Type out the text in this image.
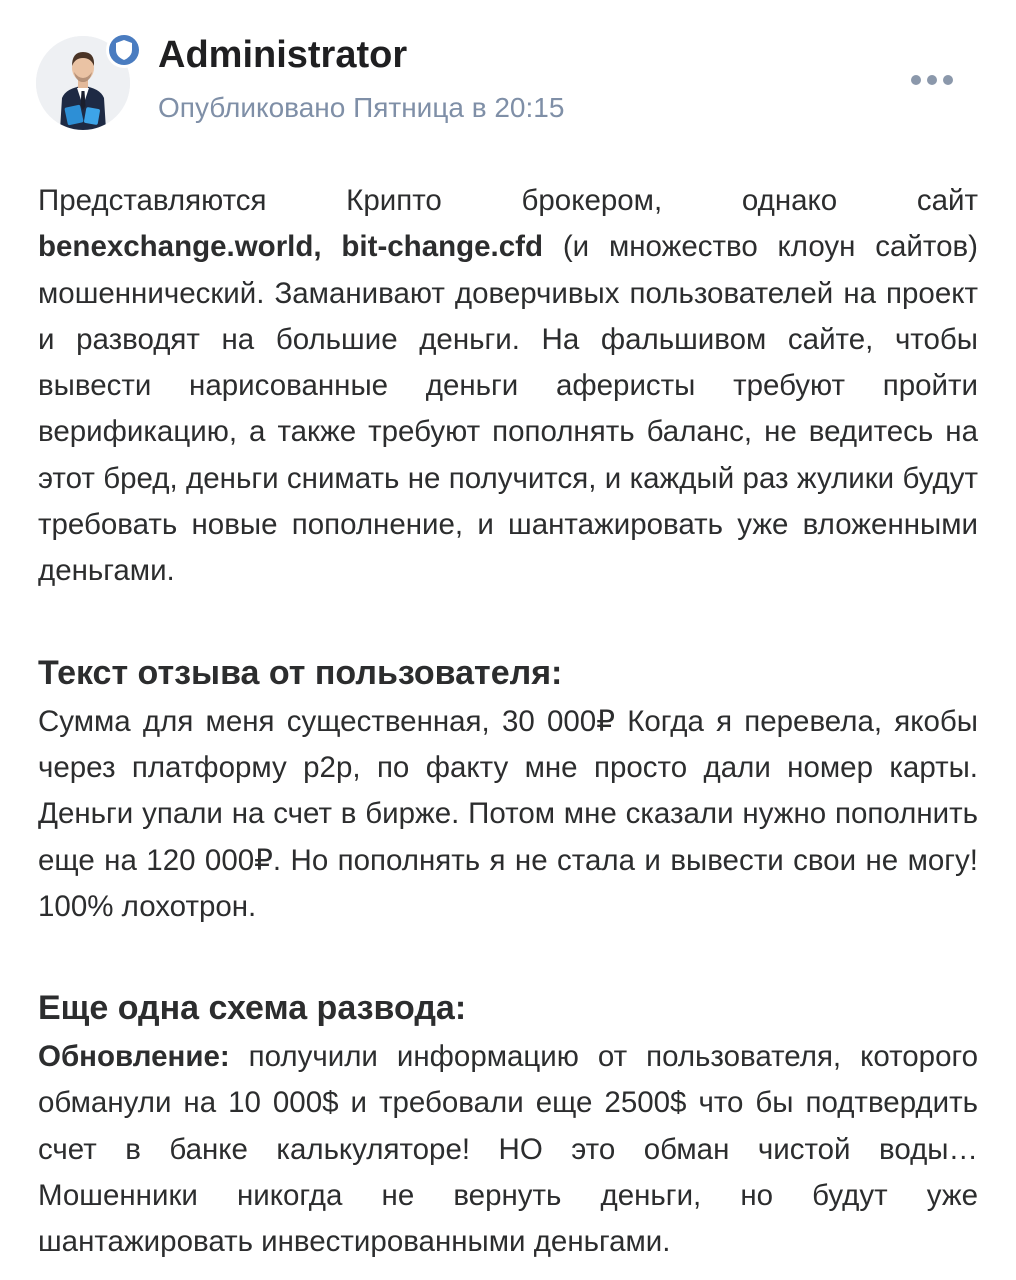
Administrator
Опубликовано Пятница в 20:15

Представляются Крипто брокером, однако сайт benexchange.world, bit-change.cfd (и множество клоун сайтов) мошеннический. Заманивают доверчивых пользователей на проект и разводят на большие деньги. На фальшивом сайте, чтобы вывести нарисованные деньги аферисты требуют пройти верификацию, а также требуют пополнять баланс, не ведитесь на этот бред, деньги снимать не получится, и каждый раз жулики будут требовать новые пополнение, и шантажировать уже вложенными деньгами.

Текст отзыва от пользователя:

Сумма для меня существенная, 30 000₽ Когда я перевела, якобы через платформу p2p, по факту мне просто дали номер карты. Деньги упали на счет в бирже. Потом мне сказали нужно пополнить еще на 120 000₽. Но пополнять я не стала и вывести свои не могу! 100% лохотрон.

Еще одна схема развода:

Обновление: получили информацию от пользователя, которого обманули на 10 000$ и требовали еще 2500$ что бы подтвердить счет в банке калькуляторе! НО это обман чистой воды… Мошенники никогда не вернуть деньги, но будут уже шантажировать инвестированными деньгами.
